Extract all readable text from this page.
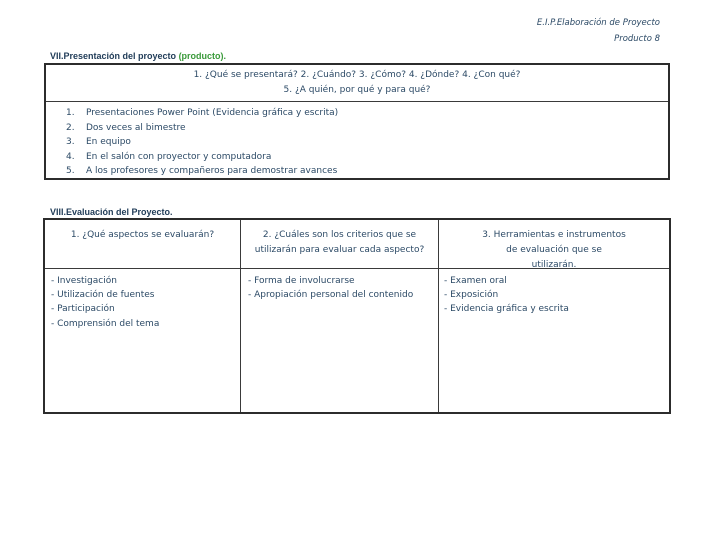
E.I.P.Elaboración de Proyecto
Producto 8
VII.Presentación del proyecto (producto).
1. ¿Qué se presentará? 2. ¿Cuándo? 3. ¿Cómo? 4. ¿Dónde? 4. ¿Con qué?
5. ¿A quién, por qué y para qué?
1. Presentaciones Power Point (Evidencia gráfica y escrita)
2. Dos veces al bimestre
3. En equipo
4. En el salón con proyector y computadora
5. A los profesores y compañeros para demostrar avances
VIII.Evaluación del Proyecto.
1. ¿Qué aspectos se evaluarán?	2. ¿Cuáles son los criterios que se
utilizarán para evaluar cada aspecto?
3. Herramientas e instrumentos
de evaluación que se
utilizarán.
- Investigación
- Utilización de fuentes
- Participación
- Comprensión del tema
- Forma de involucrarse
- Apropiación personal del contenido
- Examen oral
- Exposición
- Evidencia gráfica y escrita
